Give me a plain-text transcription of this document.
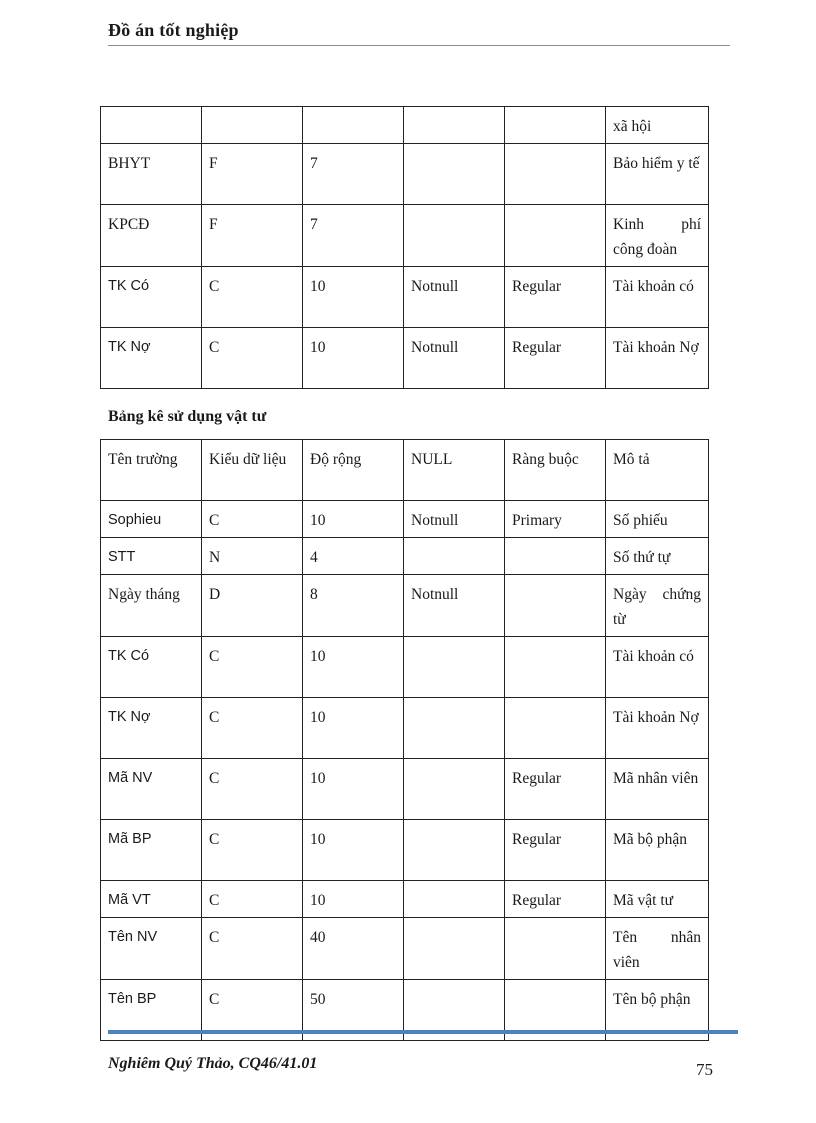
Đồ án tốt nghiệp
					xã hội
BHYT	F	7			Bảo hiểm y tế
KPCĐ	F	7			Kinh phí công đoàn
TK Có	C	10	Notnull	Regular	Tài khoản có
TK Nợ	C	10	Notnull	Regular	Tài khoản Nợ
Bảng kê sử dụng vật tư
Tên trường	Kiểu dữ liệu	Độ rộng	NULL	Ràng buộc	Mô tả
Sophieu	C	10	Notnull	Primary	Số phiếu
STT	N	4			Số thứ tự
Ngày tháng	D	8	Notnull		Ngày chứng từ
TK Có	C	10			Tài khoản có
TK Nợ	C	10			Tài khoản Nợ
Mã NV	C	10		Regular	Mã nhân viên
Mã BP	C	10		Regular	Mã bộ phận
Mã VT	C	10		Regular	Mã vật tư
Tên NV	C	40			Tên nhân viên
Tên BP	C	50			Tên bộ phận
Nghiêm Quý Thảo, CQ46/41.01	75
